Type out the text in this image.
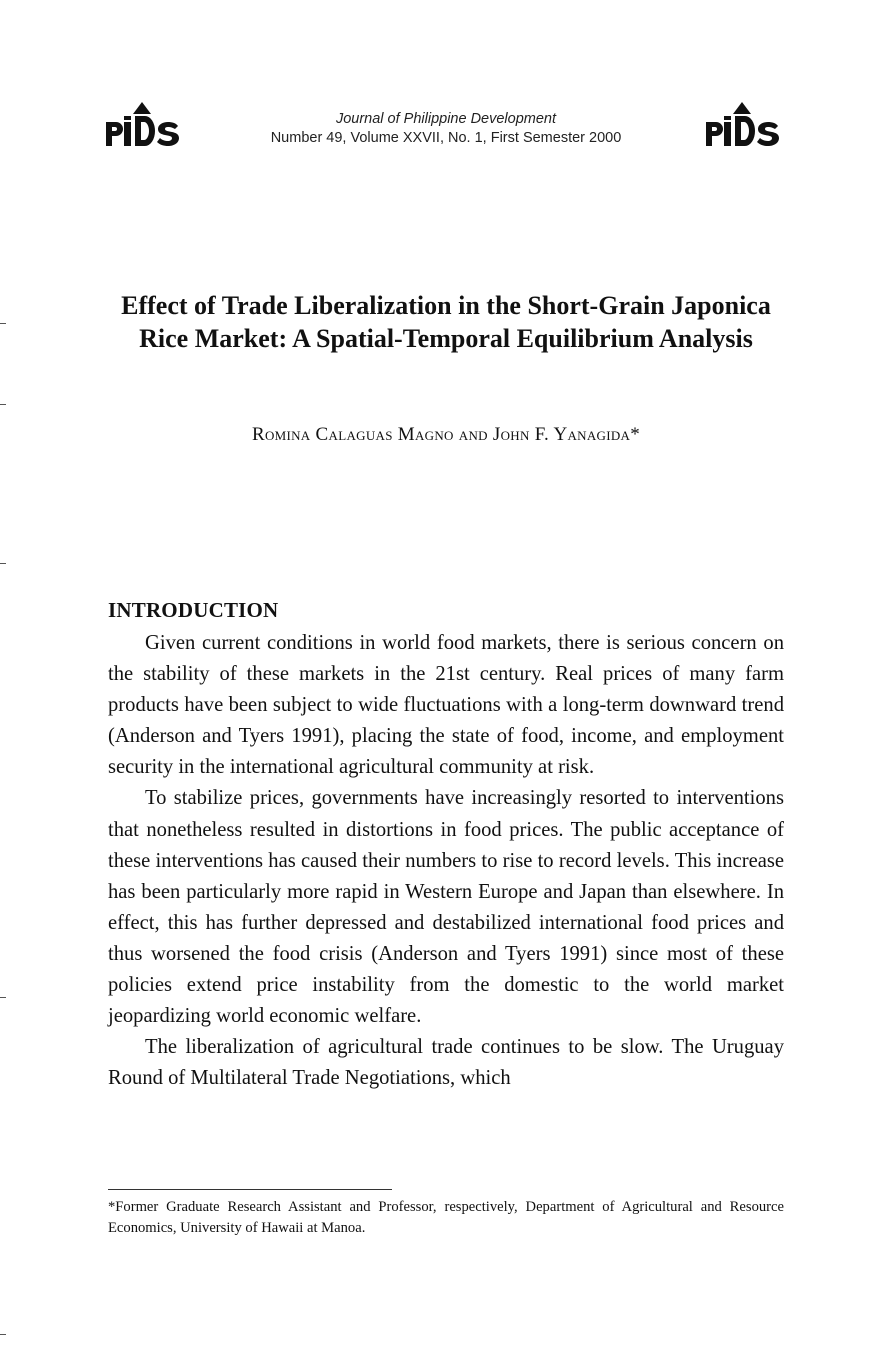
Journal of Philippine Development
Number 49, Volume XXVII, No. 1, First Semester 2000
Effect of Trade Liberalization in the Short-Grain Japonica Rice Market: A Spatial-Temporal Equilibrium Analysis
Romina Calaguas Magno and John F. Yanagida*
INTRODUCTION

Given current conditions in world food markets, there is serious concern on the stability of these markets in the 21st century. Real prices of many farm products have been subject to wide fluctuations with a long-term downward trend (Anderson and Tyers 1991), placing the state of food, income, and employment security in the international agricultural community at risk.

To stabilize prices, governments have increasingly resorted to interventions that nonetheless resulted in distortions in food prices. The public acceptance of these interventions has caused their numbers to rise to record levels. This increase has been particularly more rapid in Western Europe and Japan than elsewhere. In effect, this has further depressed and destabilized international food prices and thus worsened the food crisis (Anderson and Tyers 1991) since most of these policies extend price instability from the domestic to the world market jeopardizing world economic welfare.

The liberalization of agricultural trade continues to be slow. The Uruguay Round of Multilateral Trade Negotiations, which

*Former Graduate Research Assistant and Professor, respectively, Department of Agricultural and Resource Economics, University of Hawaii at Manoa.
